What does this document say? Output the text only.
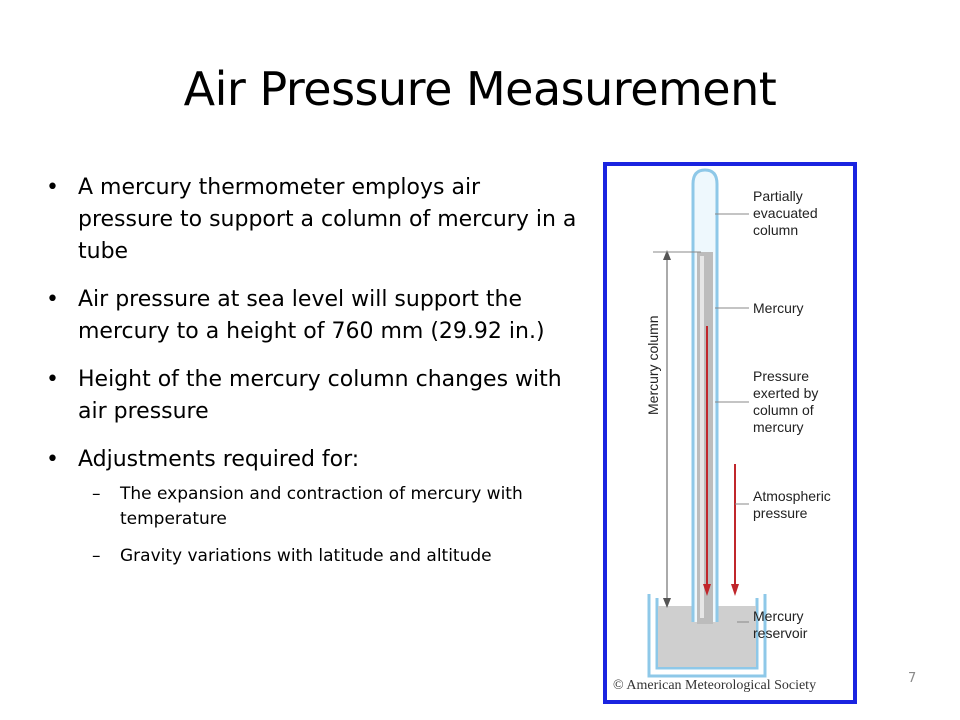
Air Pressure Measurement
• A mercury thermometer employs air pressure to support a column of mercury in a tube
• Air pressure at sea level will support the mercury to a height of 760 mm (29.92 in.)
• Height of the mercury column changes with air pressure
• Adjustments required for:
– The expansion and contraction of mercury with temperature
– Gravity variations with latitude and altitude
Mercury column
Partially evacuated column
Mercury
Pressure exerted by column of mercury
Atmospheric pressure
Mercury reservoir
© American Meteorological Society	7
